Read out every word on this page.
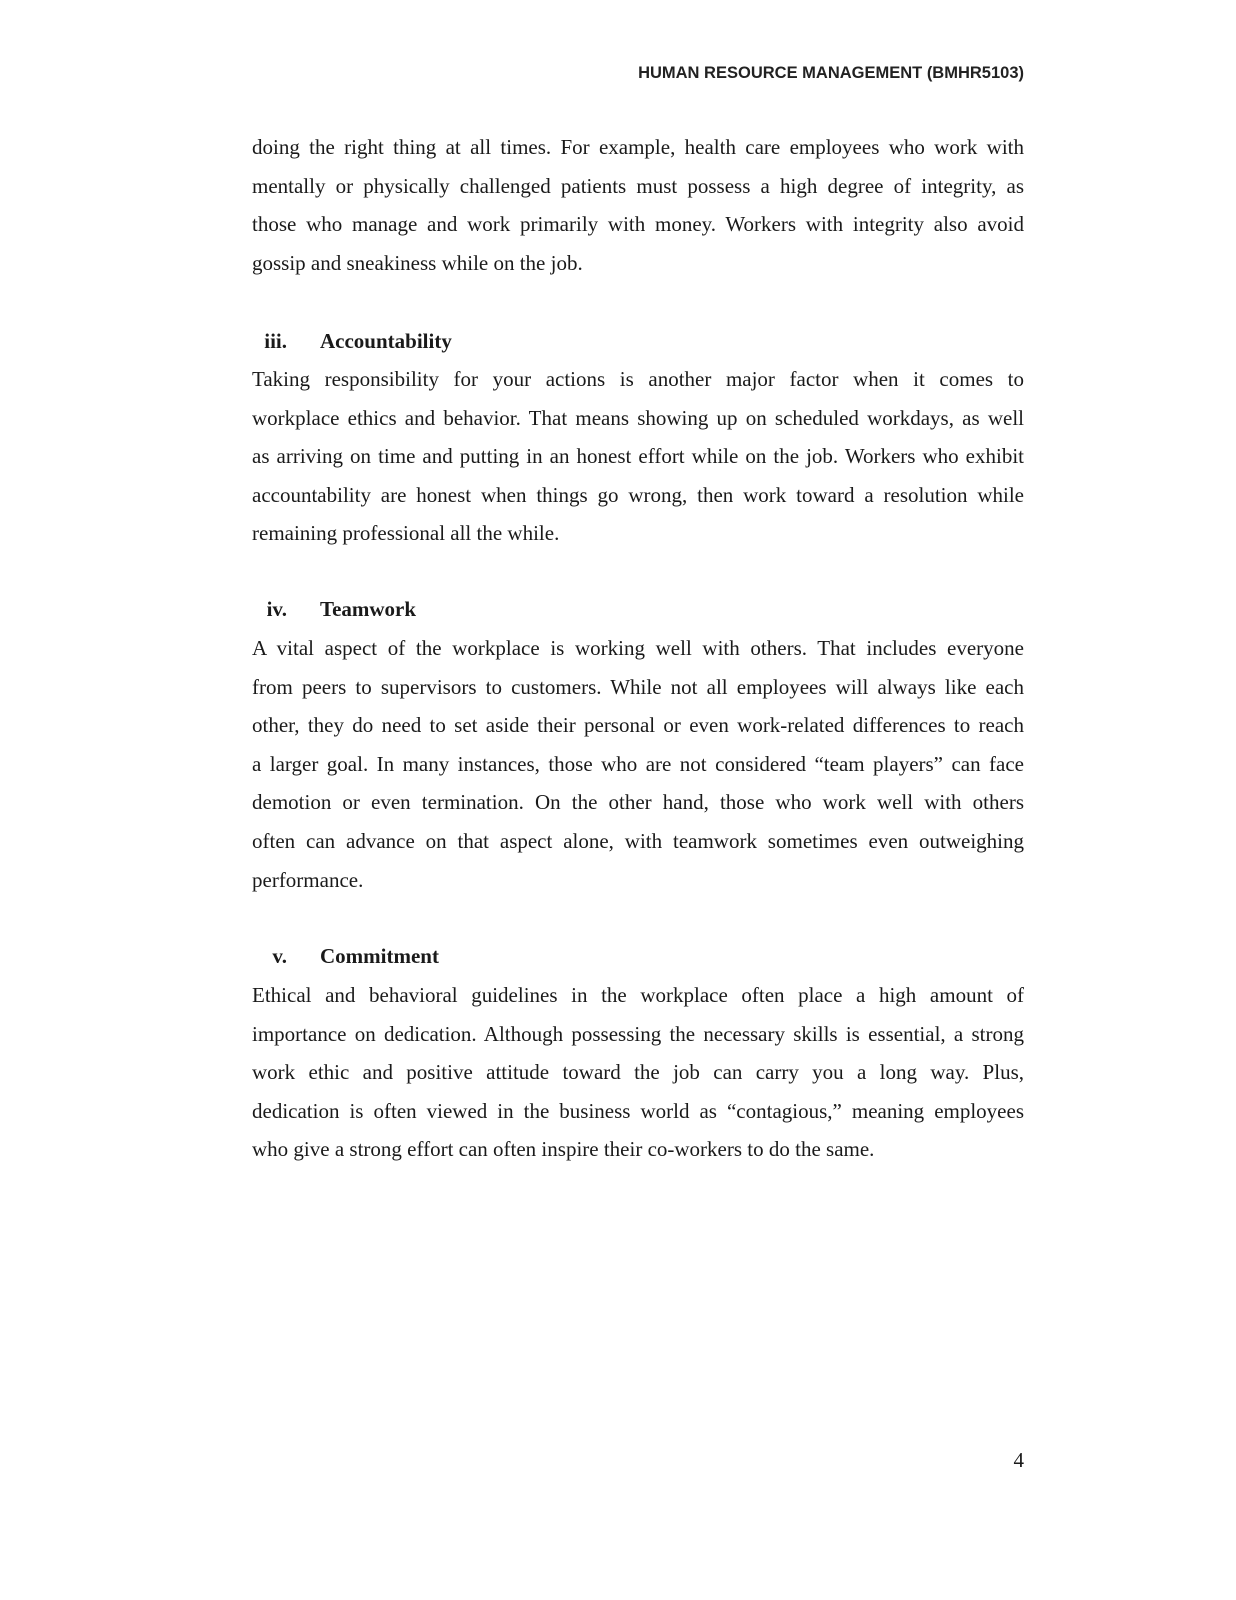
HUMAN RESOURCE MANAGEMENT (BMHR5103)
doing the right thing at all times. For example, health care employees who work with
mentally or physically challenged patients must possess a high degree of integrity, as
those who manage and work primarily with money. Workers with integrity also avoid
gossip and sneakiness while on the job.
iii. Accountability
Taking responsibility for your actions is another major factor when it comes to
workplace ethics and behavior. That means showing up on scheduled workdays, as well
as arriving on time and putting in an honest effort while on the job. Workers who exhibit
accountability are honest when things go wrong, then work toward a resolution while
remaining professional all the while.
iv. Teamwork
A vital aspect of the workplace is working well with others. That includes everyone
from peers to supervisors to customers. While not all employees will always like each
other, they do need to set aside their personal or even work-related differences to reach
a larger goal. In many instances, those who are not considered “team players” can face
demotion or even termination. On the other hand, those who work well with others
often can advance on that aspect alone, with teamwork sometimes even outweighing
performance.
v. Commitment
Ethical and behavioral guidelines in the workplace often place a high amount of
importance on dedication. Although possessing the necessary skills is essential, a strong
work ethic and positive attitude toward the job can carry you a long way. Plus,
dedication is often viewed in the business world as “contagious,” meaning employees
who give a strong effort can often inspire their co-workers to do the same.
4
